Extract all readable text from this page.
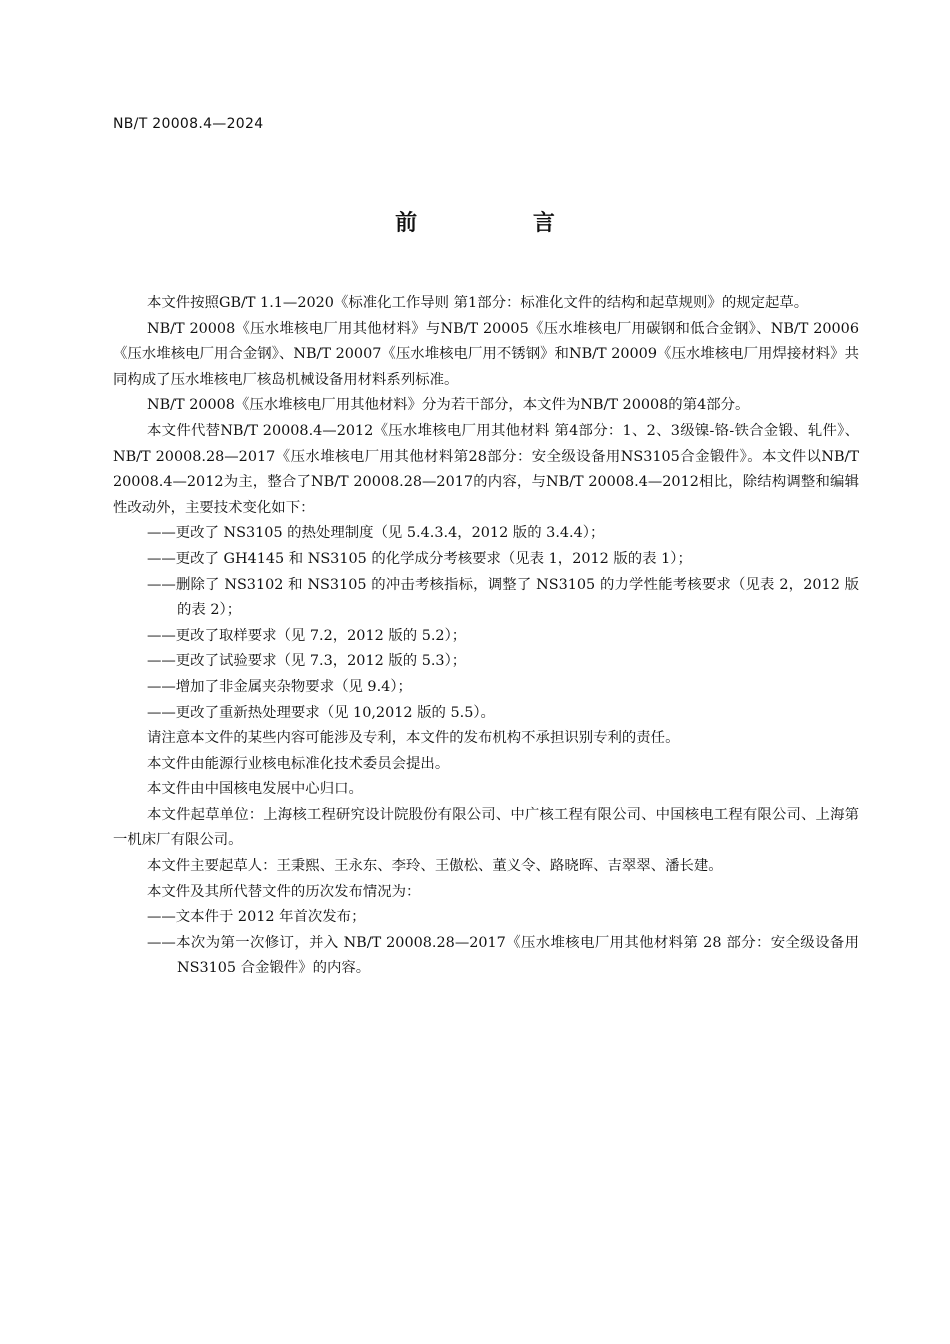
NB/T 20008.4—2024
前 言

本文件按照GB/T 1.1—2020《标准化工作导则 第1部分：标准化文件的结构和起草规则》的规定起草。

NB/T 20008《压水堆核电厂用其他材料》与NB/T 20005《压水堆核电厂用碳钢和低合金钢》、NB/T 20006《压水堆核电厂用合金钢》、NB/T 20007《压水堆核电厂用不锈钢》和NB/T 20009《压水堆核电厂用焊接材料》共同构成了压水堆核电厂核岛机械设备用材料系列标准。

NB/T 20008《压水堆核电厂用其他材料》分为若干部分，本文件为NB/T 20008的第4部分。

本文件代替NB/T 20008.4—2012《压水堆核电厂用其他材料 第4部分：1、2、3级镍-铬-铁合金锻、轧件》、NB/T 20008.28—2017《压水堆核电厂用其他材料第28部分：安全级设备用NS3105合金锻件》。本文件以NB/T 20008.4—2012为主，整合了NB/T 20008.28—2017的内容，与NB/T 20008.4—2012相比，除结构调整和编辑性改动外，主要技术变化如下：

——更改了 NS3105 的热处理制度（见 5.4.3.4，2012 版的 3.4.4）；

——更改了 GH4145 和 NS3105 的化学成分考核要求（见表 1，2012 版的表 1）；

——删除了 NS3102 和 NS3105 的冲击考核指标，调整了 NS3105 的力学性能考核要求（见表 2，2012 版的表 2）；

——更改了取样要求（见 7.2，2012 版的 5.2）；

——更改了试验要求（见 7.3，2012 版的 5.3）；

——增加了非金属夹杂物要求（见 9.4）；

——更改了重新热处理要求（见 10,2012 版的 5.5）。

请注意本文件的某些内容可能涉及专利，本文件的发布机构不承担识别专利的责任。

本文件由能源行业核电标准化技术委员会提出。

本文件由中国核电发展中心归口。

本文件起草单位：上海核工程研究设计院股份有限公司、中广核工程有限公司、中国核电工程有限公司、上海第一机床厂有限公司。

本文件主要起草人：王秉熙、王永东、李玲、王傲松、董义令、路晓晖、吉翠翠、潘长建。

本文件及其所代替文件的历次发布情况为：

——文本件于 2012 年首次发布；

——本次为第一次修订，并入 NB/T 20008.28—2017《压水堆核电厂用其他材料第 28 部分：安全级设备用 NS3105 合金锻件》的内容。
